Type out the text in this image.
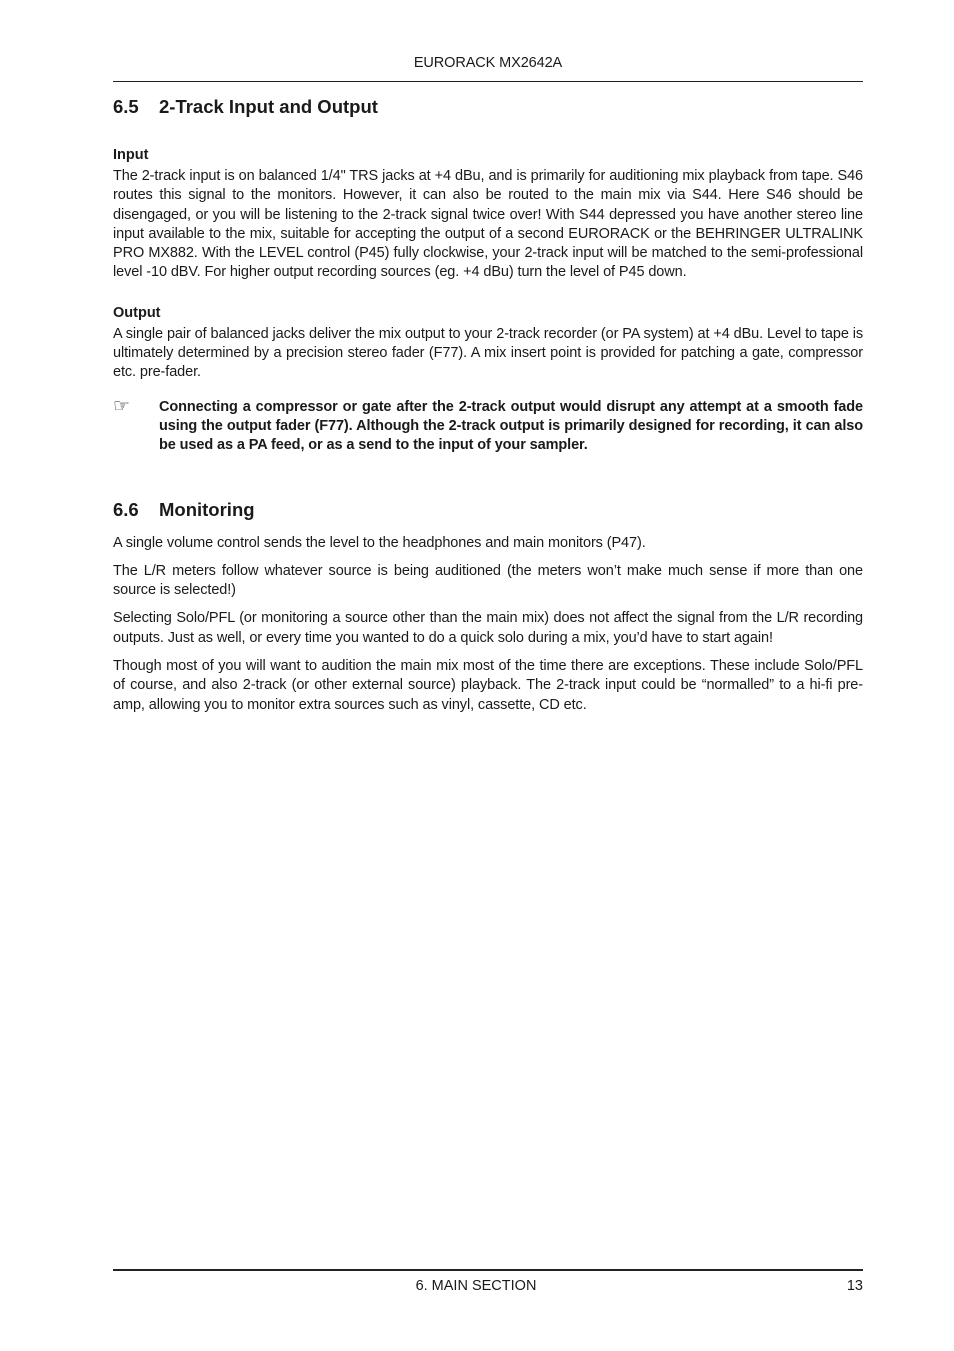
EURORACK MX2642A
6.5	2-Track Input and Output
Input

The 2-track input is on balanced 1/4" TRS jacks at +4 dBu, and is primarily for auditioning mix playback from tape. S46 routes this signal to the monitors. However, it can also be routed to the main mix via S44. Here S46 should be disengaged, or you will be listening to the 2-track signal twice over! With S44 depressed you have another stereo line input available to the mix, suitable for accepting the output of a second EURORACK or the BEHRINGER ULTRALINK PRO MX882. With the LEVEL control (P45) fully clockwise, your 2-track input will be matched to the semi-professional level -10 dBV. For higher output recording sources (eg. +4 dBu) turn the level of P45 down.

Output

A single pair of balanced jacks deliver the mix output to your 2-track recorder (or PA system) at +4 dBu. Level to tape is ultimately determined by a precision stereo fader (F77). A mix insert point is provided for patching a gate, compressor etc. pre-fader.

☞	Connecting a compressor or gate after the 2-track output would disrupt any attempt at a smooth fade using the output fader (F77). Although the 2-track output is primarily designed for recording, it can also be used as a PA feed, or as a send to the input of your sampler.
6.6	Monitoring

A single volume control sends the level to the headphones and main monitors (P47).

The L/R meters follow whatever source is being auditioned (the meters won’t make much sense if more than one source is selected!)

Selecting Solo/PFL (or monitoring a source other than the main mix) does not affect the signal from the L/R recording outputs. Just as well, or every time you wanted to do a quick solo during a mix, you’d have to start again!

Though most of you will want to audition the main mix most of the time there are exceptions. These include Solo/PFL of course, and also 2-track (or other external source) playback. The 2-track input could be “normalled” to a hi-fi pre-amp, allowing you to monitor extra sources such as vinyl, cassette, CD etc.

6. MAIN SECTION	13
